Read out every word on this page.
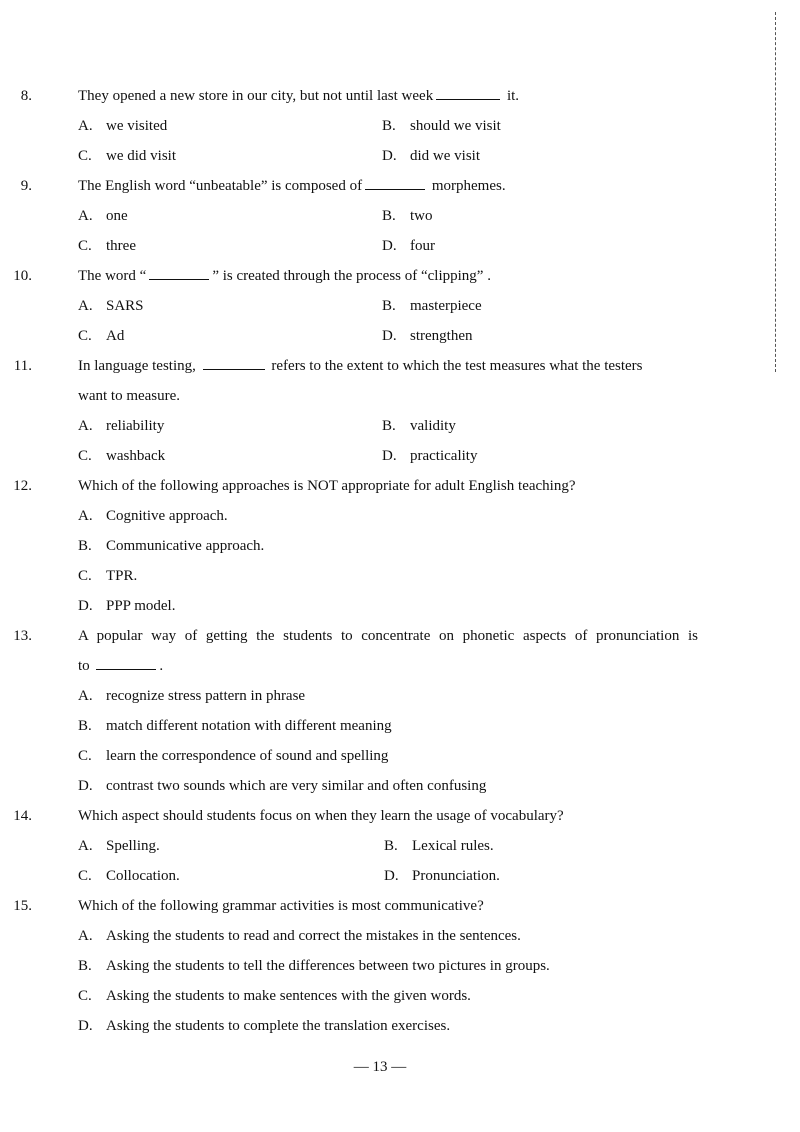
8.	They opened a new store in our city, but not until last week	it.
A. we visited	B. should we visit
C. we did visit	D. did we visit
9.	The English word “unbeatable” is composed of	morphemes.
A. one	B. two
C. three	D. four
10.	The word “	” is created through the process of “clipping” .
A. SARS	B. masterpiece
C. Ad	D. strengthen
11.	In language testing,	refers to the extent to which the test measures what the testers
want to measure.
A. reliability	B. validity
C. washback	D. practicality
12.	Which of the following approaches is NOT appropriate for adult English teaching?
A. Cognitive approach.
B. Communicative approach.
C. TPR.
D. PPP model.
13.	A popular way of getting the students to concentrate on phonetic aspects of pronunciation is
to	.
A. recognize stress pattern in phrase
B. match different notation with different meaning
C. learn the correspondence of sound and spelling
D. contrast two sounds which are very similar and often confusing
14.	Which aspect should students focus on when they learn the usage of vocabulary?
A. Spelling.	B. Lexical rules.
C. Collocation.	D. Pronunciation.
15.	Which of the following grammar activities is most communicative?
A. Asking the students to read and correct the mistakes in the sentences.
B. Asking the students to tell the differences between two pictures in groups.
C. Asking the students to make sentences with the given words.
D. Asking the students to complete the translation exercises.
— 13 —
